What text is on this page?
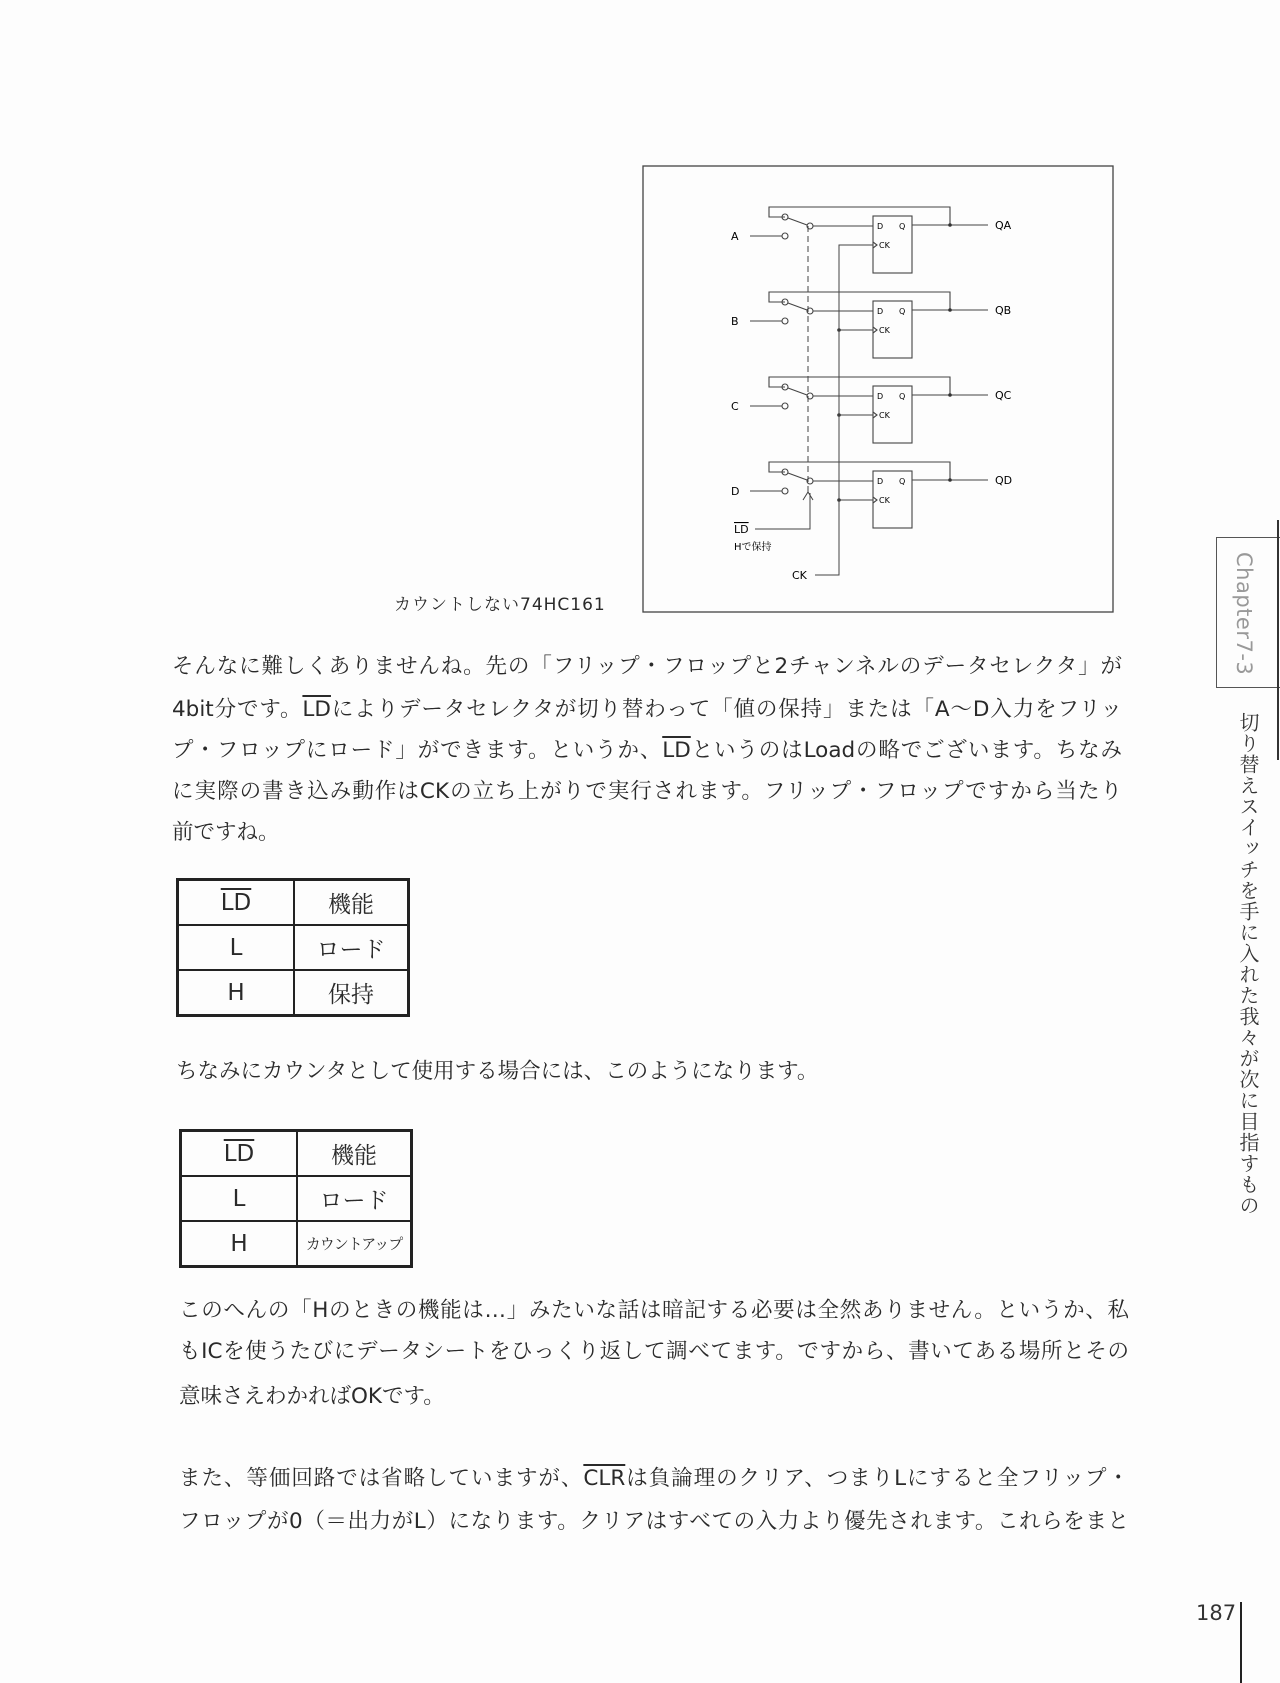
A
D Q
CK
QA
B
D Q
CK
QB
C
D Q
CK
QC
D
D Q
CK
QD
LD
Hで保持
CK
カウントしない74HC161
そんなに難しくありませんね。先の「フリップ・フロップと2チャンネルのデータセレクタ」が
4bit分です。$\overline{LD}$によりデータセレクタが切り替わって「値の保持」または「A～D入力をフリッ
プ・フロップにロード」ができます。というか、$\overline{LD}$というのはLoadの略でございます。ちなみ
に実際の書き込み動作はCKの立ち上がりで実行されます。フリップ・フロップですから当たり
前ですね。
$\overline{LD}$	機能
L	ロード
H	保持
ちなみにカウンタとして使用する場合には、このようになります。
$\overline{LD}$	機能
L	ロード
H	カウントアップ
このへんの「Hのときの機能は…」みたいな話は暗記する必要は全然ありません。というか、私
もICを使うたびにデータシートをひっくり返して調べてます。ですから、書いてある場所とその
意味さえわかればOKです。
また、等価回路では省略していますが、$\overline{CLR}$は負論理のクリア、つまりLにすると全フリップ・
フロップが0（＝出力がL）になります。クリアはすべての入力より優先されます。これらをまと
Chapter7-3
切り替えスイッチを手に入れた我々が次に目指すもの
187
